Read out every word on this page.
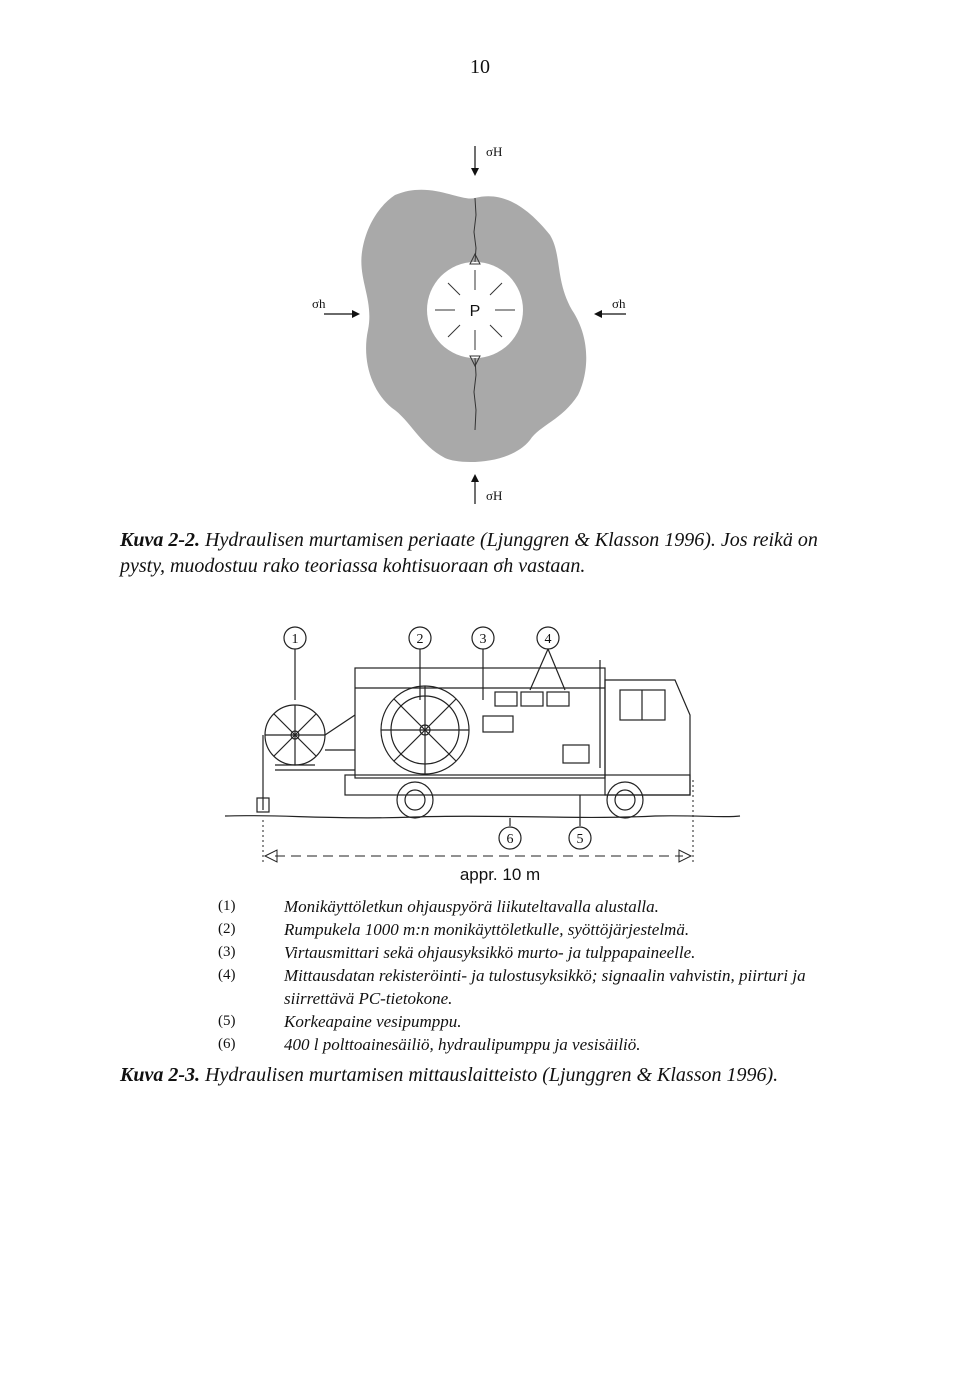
10
P
σH
σH
σh	σh
Kuva 2-2. Hydraulisen murtamisen periaate (Ljunggren & Klasson 1996). Jos reikä on pysty, muodostuu rako teoriassa kohtisuoraan σh vastaan.
1	2	3	4
6	5
appr. 10 m
(1)	Monikäyttöletkun ohjauspyörä liikuteltavalla alustalla.
(2)	Rumpukela 1000 m:n monikäyttöletkulle, syöttöjärjestelmä.
(3)	Virtausmittari sekä ohjausyksikkö murto- ja tulppapaineelle.
(4)	Mittausdatan rekisteröinti- ja tulostusyksikkö; signaalin vahvistin, piirturi ja siirrettävä PC-tietokone.
(5)	Korkeapaine vesipumppu.
(6)	400 l polttoainesäiliö, hydraulipumppu ja vesisäiliö.
Kuva 2-3. Hydraulisen murtamisen mittauslaitteisto (Ljunggren & Klasson 1996).
